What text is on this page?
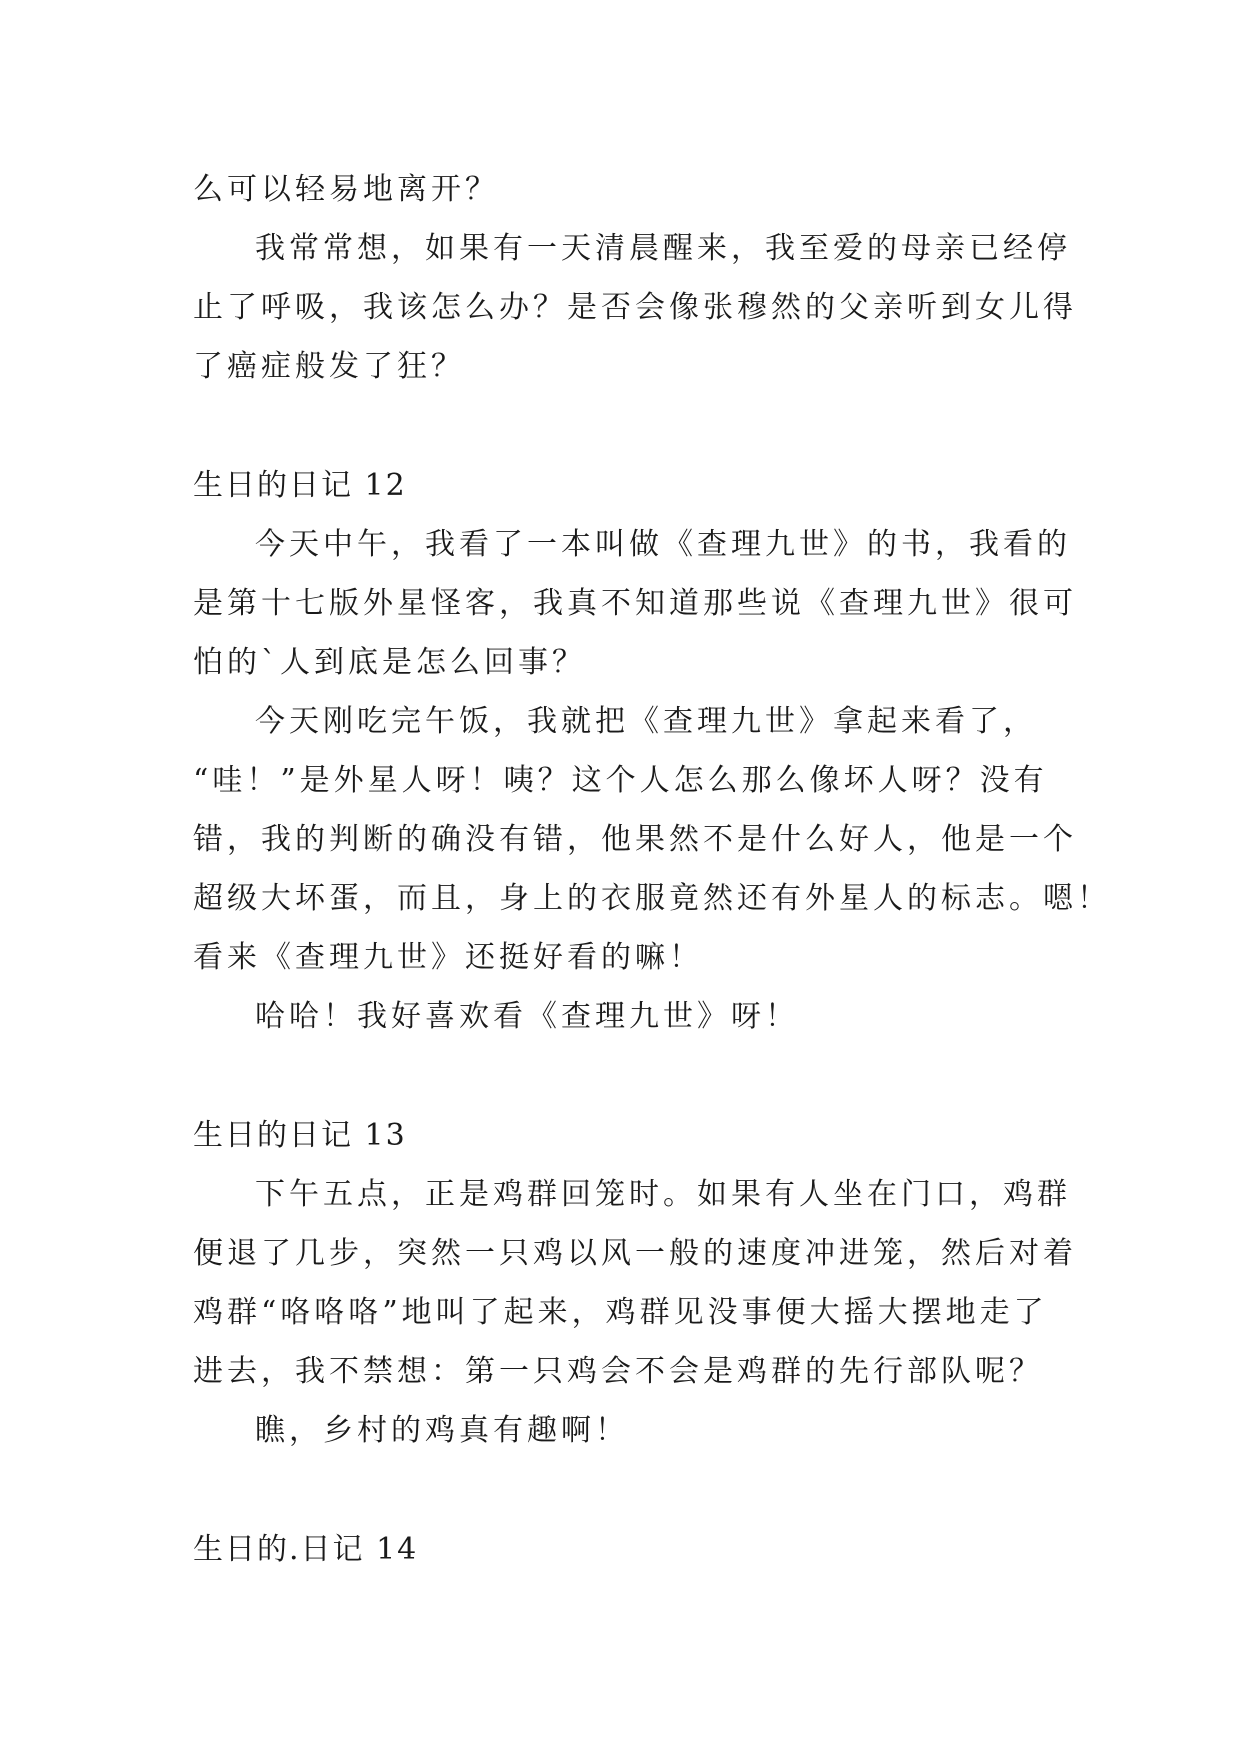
么可以轻易地离开？
我常常想，如果有一天清晨醒来，我至爱的母亲已经停
止了呼吸，我该怎么办？是否会像张穆然的父亲听到女儿得
了癌症般发了狂？
生日的日记 12
今天中午，我看了一本叫做《查理九世》的书，我看的
是第十七版外星怪客，我真不知道那些说《查理九世》很可
怕的`人到底是怎么回事？
今天刚吃完午饭，我就把《查理九世》拿起来看了，
“哇！”是外星人呀！咦？这个人怎么那么像坏人呀？没有
错，我的判断的确没有错，他果然不是什么好人，他是一个
超级大坏蛋，而且，身上的衣服竟然还有外星人的标志。嗯！
看来《查理九世》还挺好看的嘛！
哈哈！我好喜欢看《查理九世》呀！
生日的日记 13
下午五点，正是鸡群回笼时。如果有人坐在门口，鸡群
便退了几步，突然一只鸡以风一般的速度冲进笼，然后对着
鸡群“咯咯咯”地叫了起来，鸡群见没事便大摇大摆地走了
进去，我不禁想：第一只鸡会不会是鸡群的先行部队呢？
瞧，乡村的鸡真有趣啊！
生日的.日记 14
